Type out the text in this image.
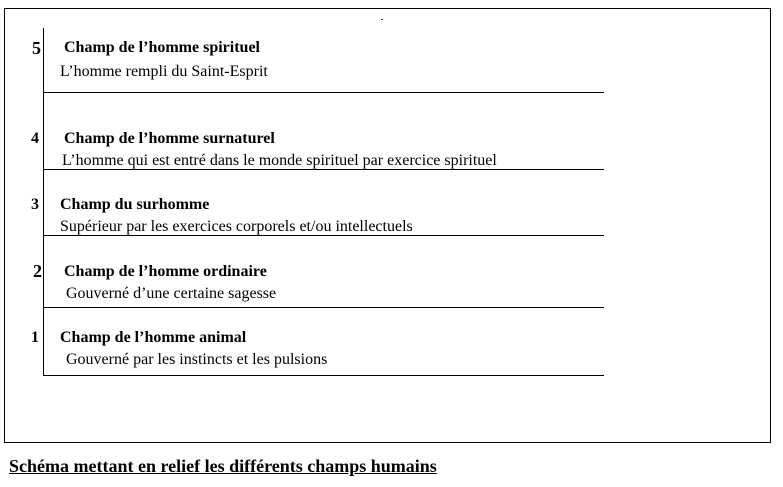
5 Champ de l’homme spirituel
L’homme rempli du Saint-Esprit
4 Champ de l’homme surnaturel
L’homme qui est entré dans le monde spirituel par exercice spirituel
3 Champ du surhomme
Supérieur par les exercices corporels et/ou intellectuels
2 Champ de l’homme ordinaire
Gouverné d’une certaine sagesse
1 Champ de l’homme animal
Gouverné par les instincts et les pulsions
Schéma mettant en relief les différents champs humains
